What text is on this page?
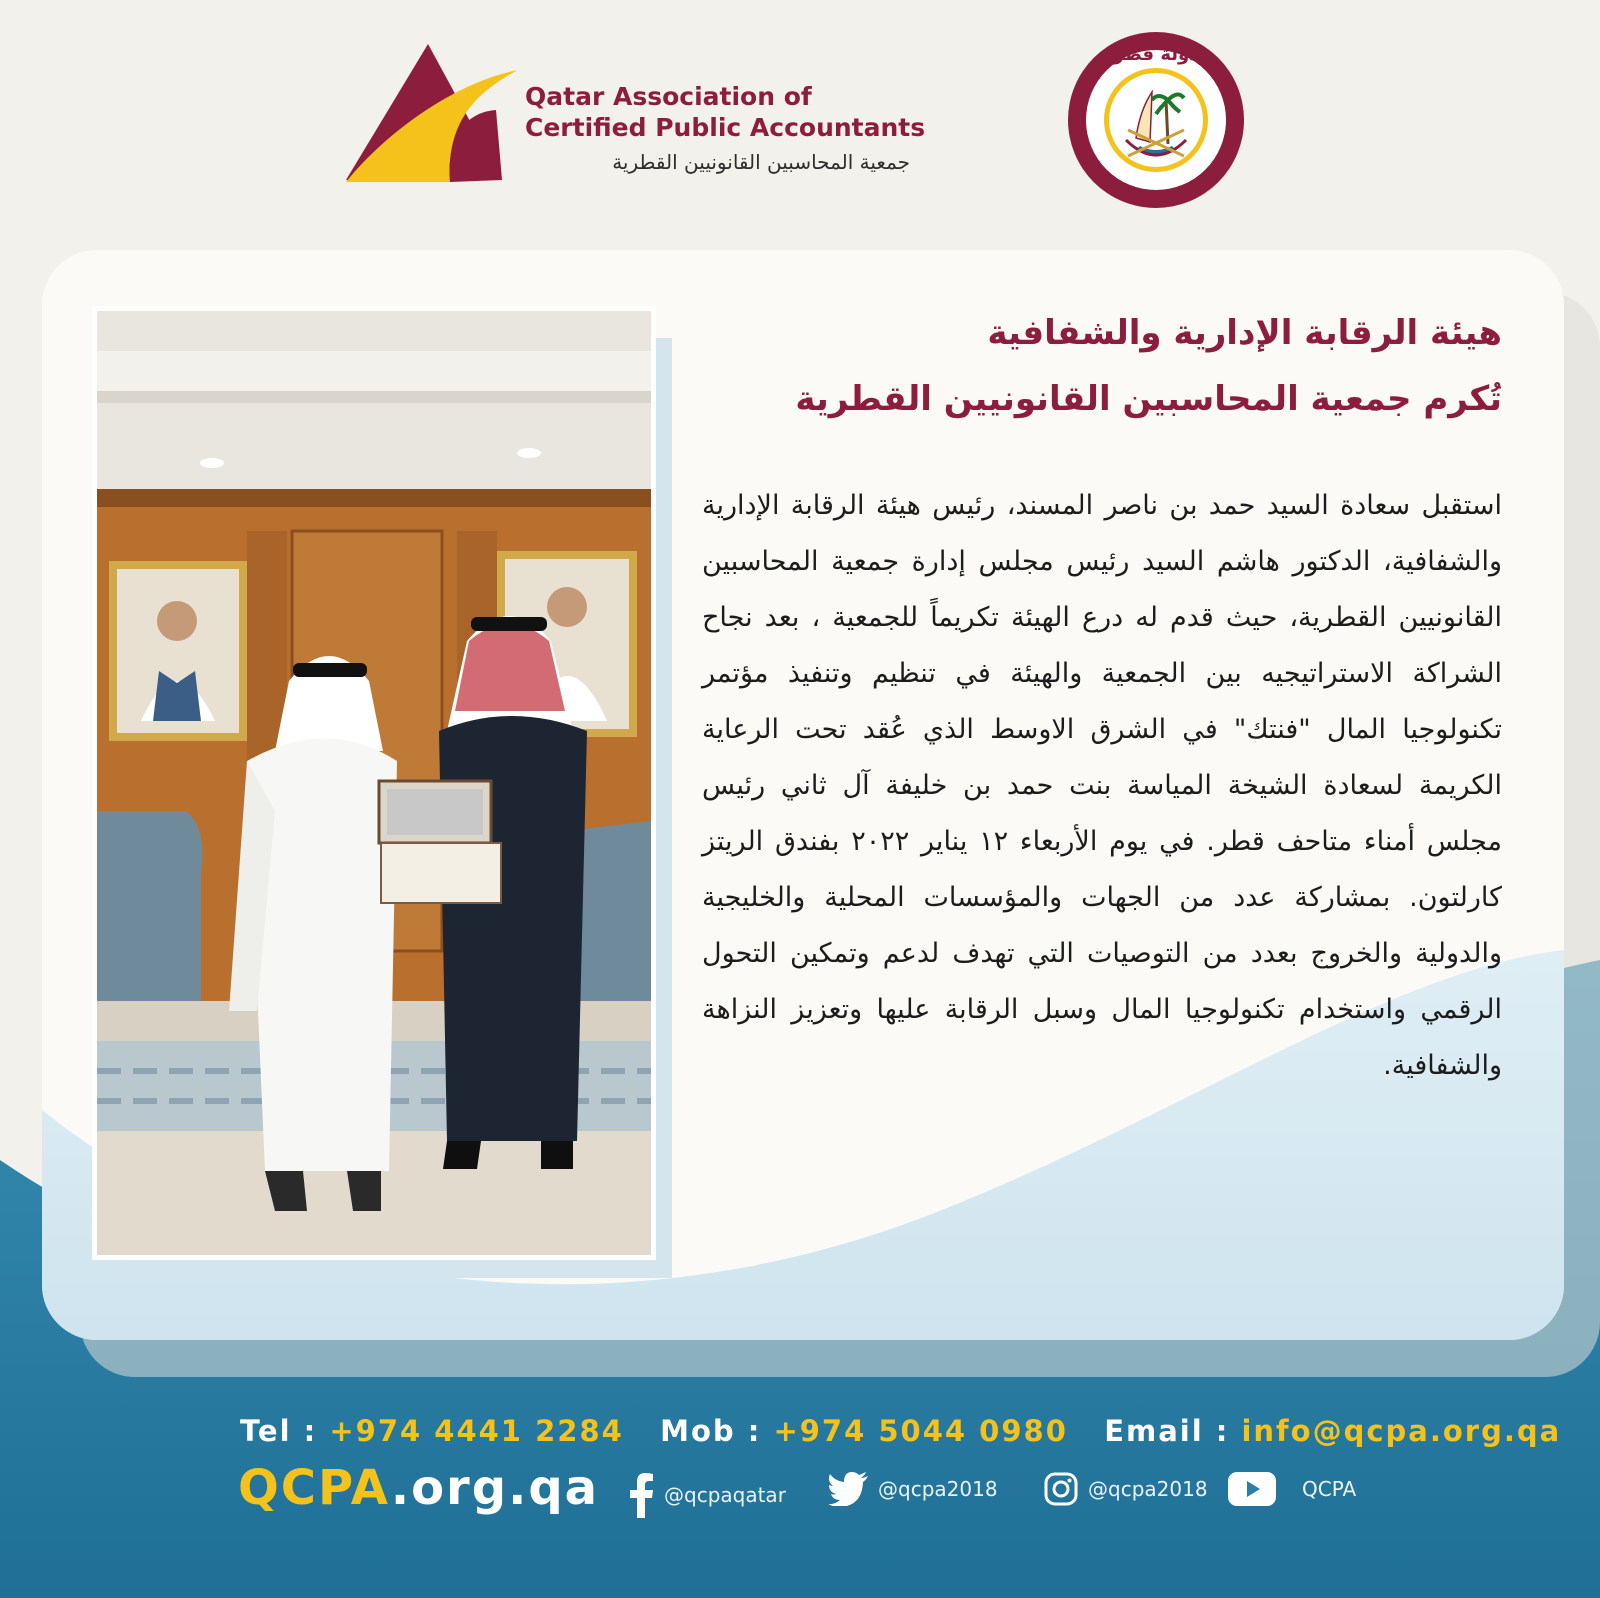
Qatar Association of
Certified Public Accountants
جمعية المحاسبين القانونيين القطرية
دولة قطر
هيئة الرقابة الإدارية والشفافية
تُكرم جمعية المحاسبين القانونيين القطرية
استقبل سعادة السيد حمد بن ناصر المسند، رئيس هيئة الرقابة الإدارية والشفافية، الدكتور هاشم السيد رئيس مجلس إدارة جمعية المحاسبين القانونيين القطرية، حيث قدم له درع الهيئة تكريماً للجمعية ، بعد نجاح الشراكة الاستراتيجيه بين الجمعية والهيئة في تنظيم وتنفيذ مؤتمر تكنولوجيا المال "فنتك" في الشرق الاوسط الذي عُقد تحت الرعاية الكريمة لسعادة الشيخة المياسة بنت حمد بن خليفة آل ثاني رئيس مجلس أمناء متاحف قطر. في يوم الأربعاء ١٢ يناير ٢٠٢٢ بفندق الريتز كارلتون. بمشاركة عدد من الجهات والمؤسسات المحلية والخليجية والدولية والخروج بعدد من التوصيات التي تهدف لدعم وتمكين التحول الرقمي واستخدام تكنولوجيا المال وسبل الرقابة عليها وتعزيز النزاهة والشفافية.
Tel : +974 4441 2284 Mob : +974 5044 0980 Email : info@qcpa.org.qa
QCPA.org.qa	@qcpaqatar	@qcpa2018	@qcpa2018	QCPA
